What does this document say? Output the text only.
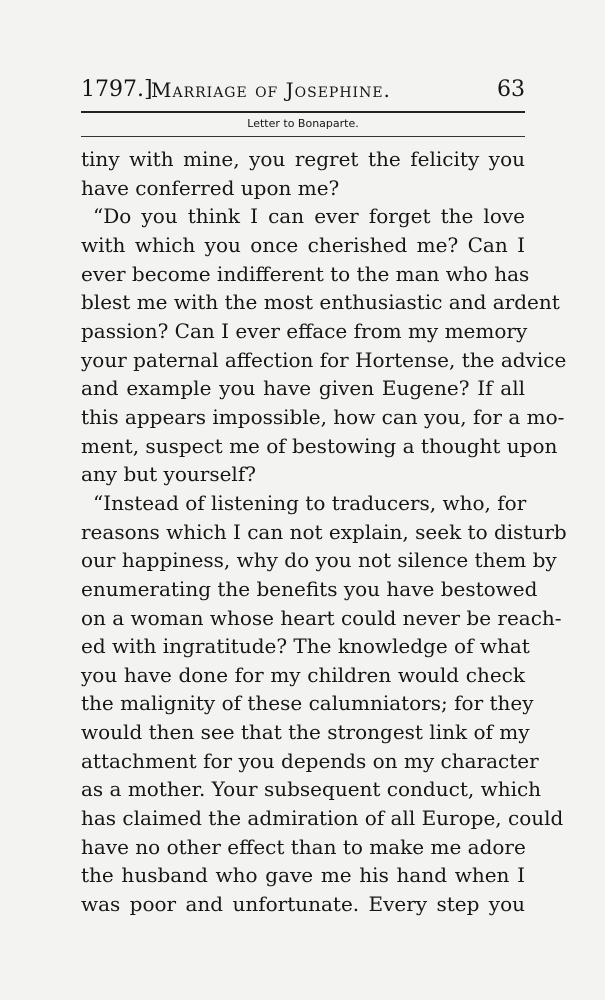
1797.]
Marriage of Josephine.	63
Letter to Bonaparte.
tiny with mine, you regret the felicity you
have conferred upon me?
“Do you think I can ever forget the love
with which you once cherished me? Can I
ever become indifferent to the man who has
blest me with the most enthusiastic and ardent
passion? Can I ever efface from my memory
your paternal affection for Hortense, the advice
and example you have given Eugene? If all
this appears impossible, how can you, for a mo-
ment, suspect me of bestowing a thought upon
any but yourself?
“Instead of listening to traducers, who, for
reasons which I can not explain, seek to disturb
our happiness, why do you not silence them by
enumerating the benefits you have bestowed
on a woman whose heart could never be reach-
ed with ingratitude? The knowledge of what
you have done for my children would check
the malignity of these calumniators; for they
would then see that the strongest link of my
attachment for you depends on my character
as a mother. Your subsequent conduct, which
has claimed the admiration of all Europe, could
have no other effect than to make me adore
the husband who gave me his hand when I
was poor and unfortunate. Every step you
